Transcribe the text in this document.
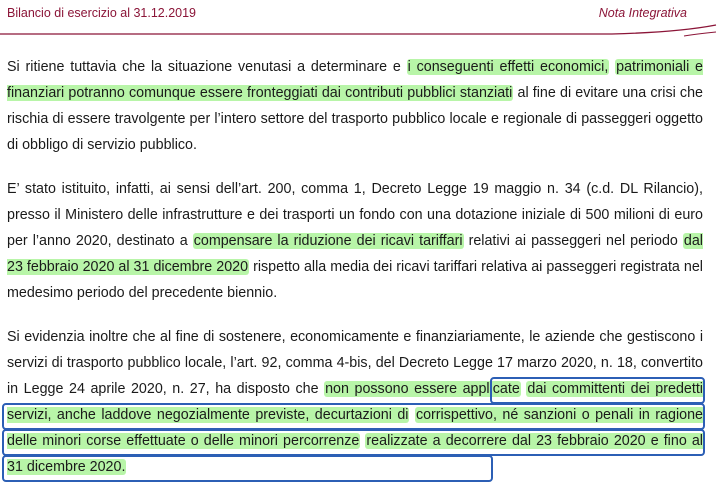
Bilancio di esercizio al 31.12.2019	Nota Integrativa
Si ritiene tuttavia che la situazione venutasi a determinare e i conseguenti effetti economici, patrimoniali e finanziari potranno comunque essere fronteggiati dai contributi pubblici stanziati al fine di evitare una crisi che rischia di essere travolgente per l’intero settore del trasporto pubblico locale e regionale di passeggeri oggetto di obbligo di servizio pubblico.
E’ stato istituito, infatti, ai sensi dell’art. 200, comma 1, Decreto Legge 19 maggio n. 34 (c.d. DL Rilancio), presso il Ministero delle infrastrutture e dei trasporti un fondo con una dotazione iniziale di 500 milioni di euro per l’anno 2020, destinato a compensare la riduzione dei ricavi tariffari relativi ai passeggeri nel periodo dal 23 febbraio 2020 al 31 dicembre 2020 rispetto alla media dei ricavi tariffari relativa ai passeggeri registrata nel medesimo periodo del precedente biennio.
Si evidenzia inoltre che al fine di sostenere, economicamente e finanziariamente, le aziende che gestiscono i servizi di trasporto pubblico locale, l’art. 92, comma 4-bis, del Decreto Legge 17 marzo 2020, n. 18, convertito in Legge 24 aprile 2020, n. 27, ha disposto che non possono essere applicate dai committenti dei predetti servizi, anche laddove negozialmente previste, decurtazioni di corrispettivo, né sanzioni o penali in ragione delle minori corse effettuate o delle minori percorrenze realizzate a decorrere dal 23 febbraio 2020 e fino al 31 dicembre 2020.
